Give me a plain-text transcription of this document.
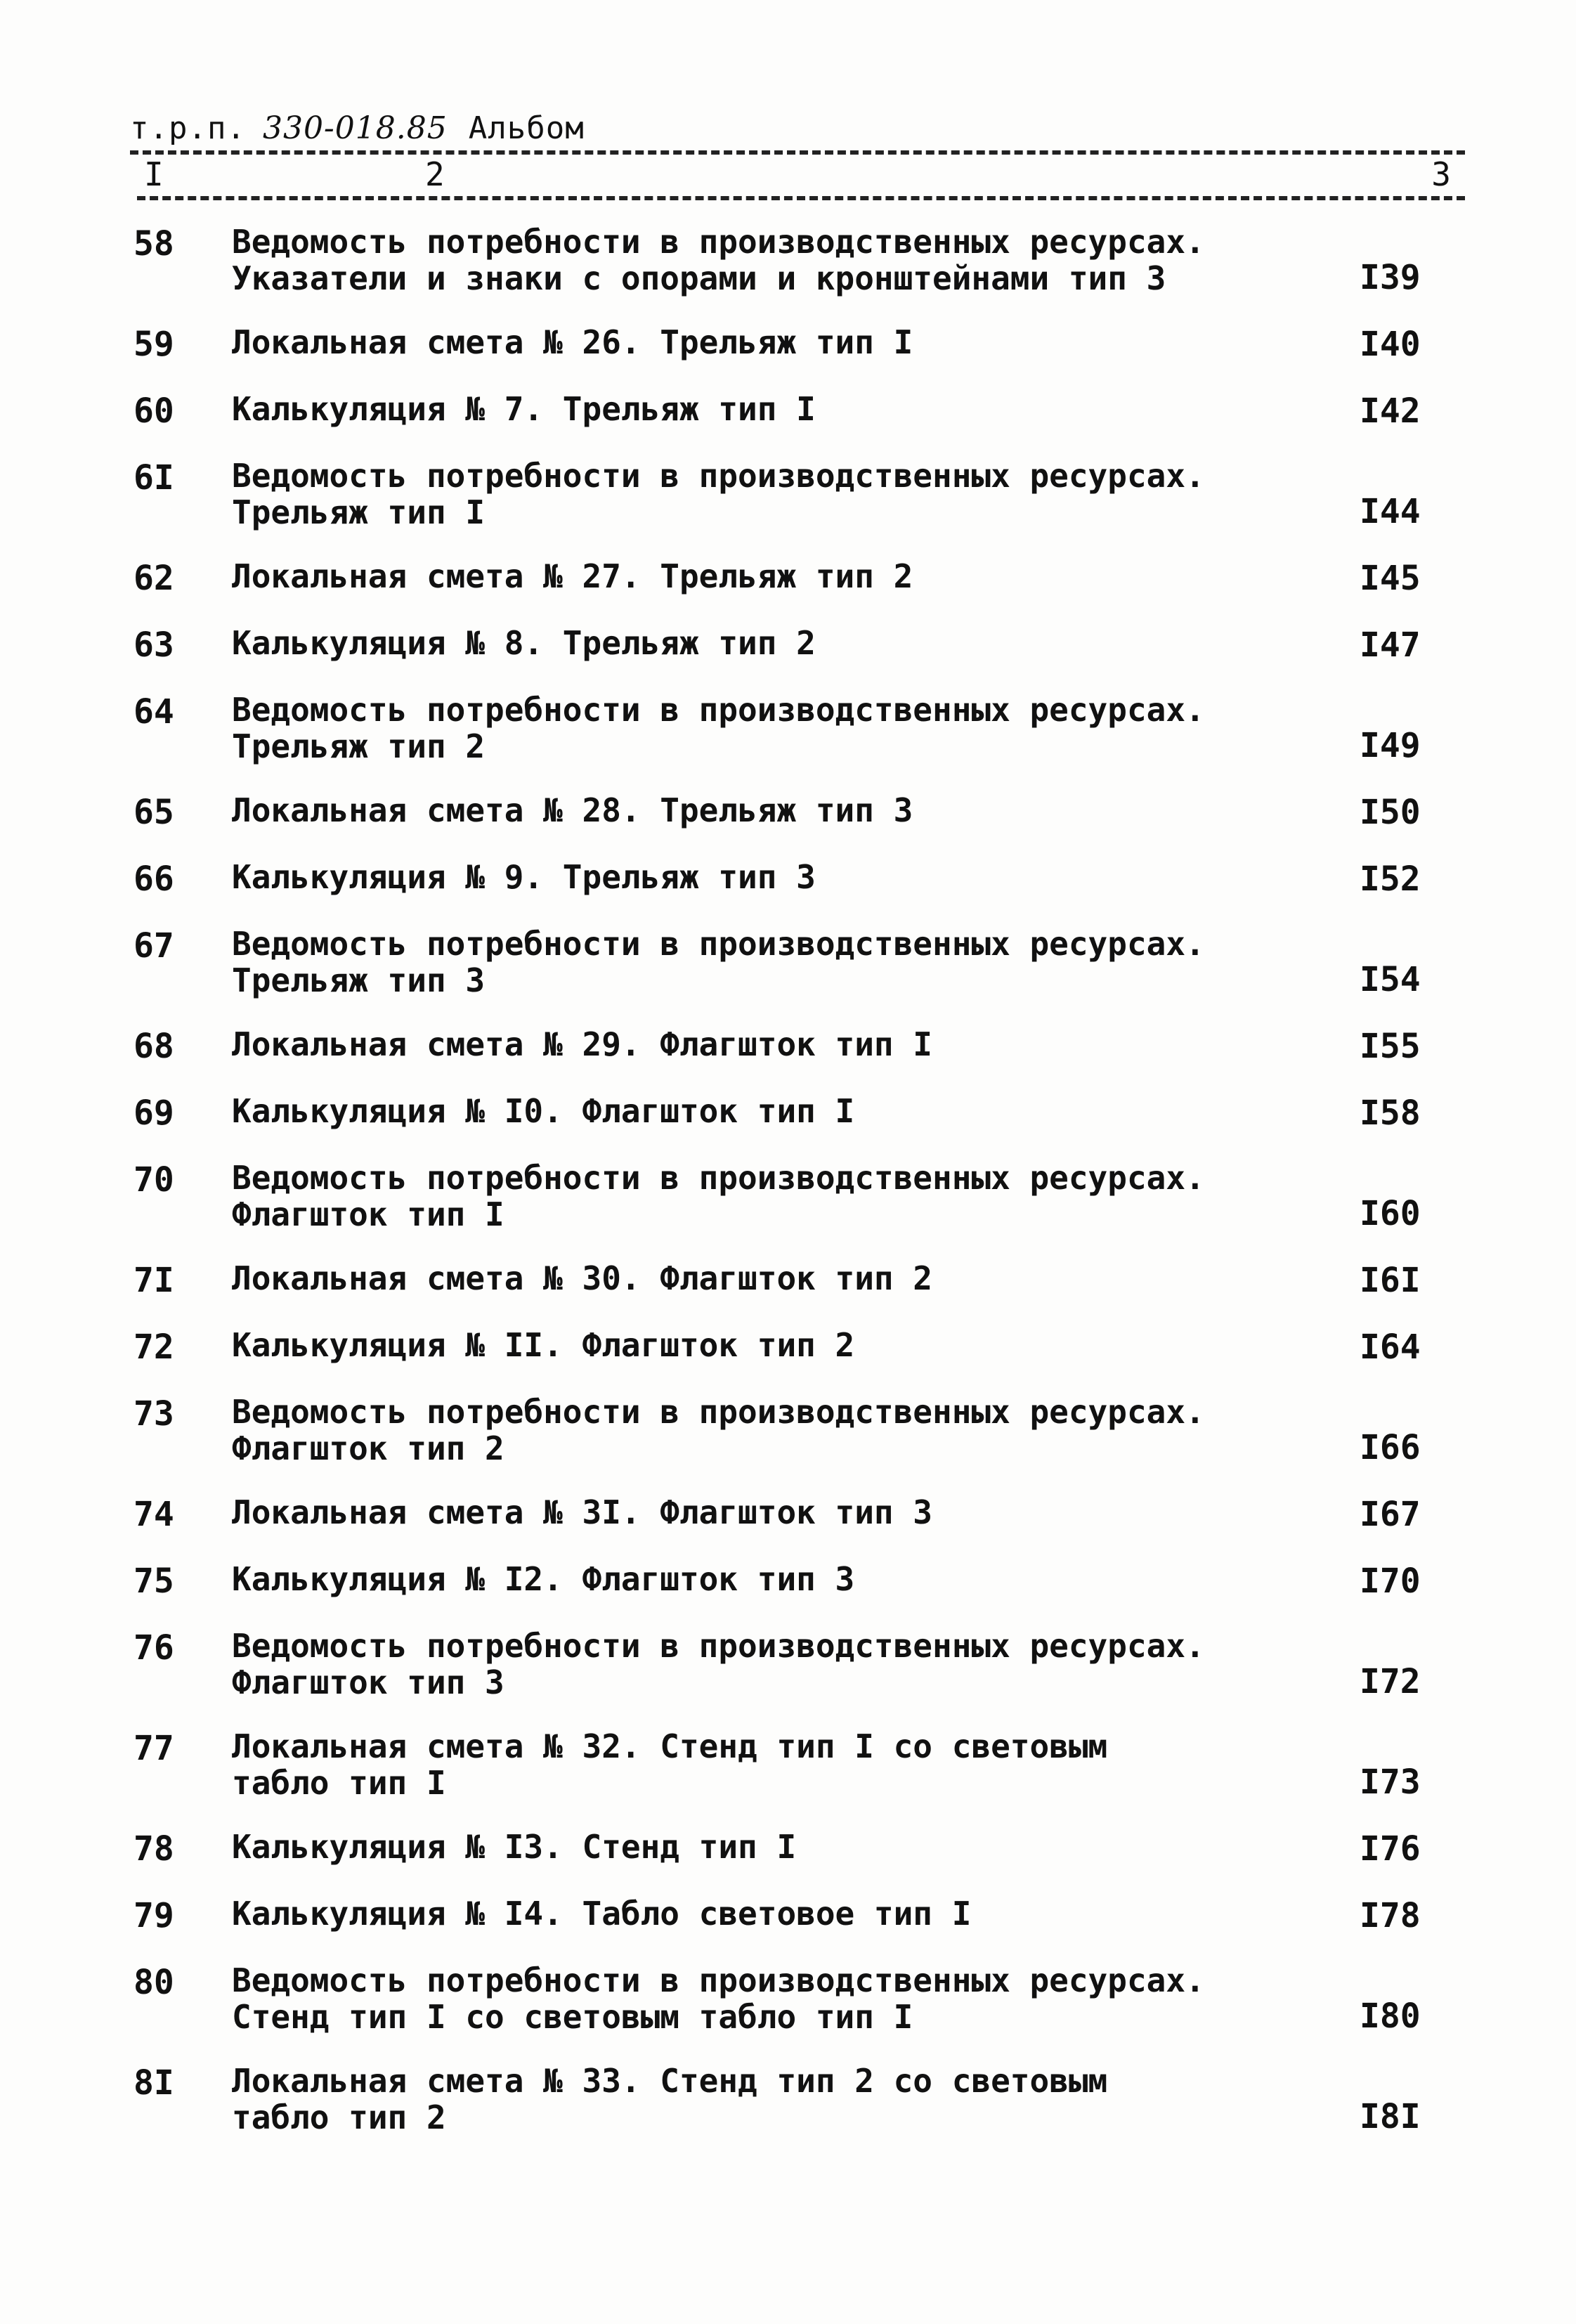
т.р.п. 330-018.85 Альбом
I	2	3
58	Ведомость потребности в производственных ресурсах.
Указатели и знаки с опорами и кронштейнами тип 3	I39
59	Локальная смета № 26. Трельяж тип I	I40
60	Калькуляция № 7. Трельяж тип I	I42
6I	Ведомость потребности в производственных ресурсах.
Трельяж тип I	I44
62	Локальная смета № 27. Трельяж тип 2	I45
63	Калькуляция № 8. Трельяж тип 2	I47
64	Ведомость потребности в производственных ресурсах.
Трельяж тип 2	I49
65	Локальная смета № 28. Трельяж тип 3	I50
66	Калькуляция № 9. Трельяж тип 3	I52
67	Ведомость потребности в производственных ресурсах.
Трельяж тип 3	I54
68	Локальная смета № 29. Флагшток тип I	I55
69	Калькуляция № I0. Флагшток тип I	I58
70	Ведомость потребности в производственных ресурсах.
Флагшток тип I	I60
7I	Локальная смета № 30. Флагшток тип 2	I6I
72	Калькуляция № II. Флагшток тип 2	I64
73	Ведомость потребности в производственных ресурсах.
Флагшток тип 2	I66
74	Локальная смета № 3I. Флагшток тип 3	I67
75	Калькуляция № I2. Флагшток тип 3	I70
76	Ведомость потребности в производственных ресурсах.
Флагшток тип 3	I72
77	Локальная смета № 32. Стенд тип I со световым
табло тип I	I73
78	Калькуляция № I3. Стенд тип I	I76
79	Калькуляция № I4. Табло световое тип I	I78
80	Ведомость потребности в производственных ресурсах.
Стенд тип I со световым табло тип I	I80
8I	Локальная смета № 33. Стенд тип 2 со световым
табло тип 2	I8I
